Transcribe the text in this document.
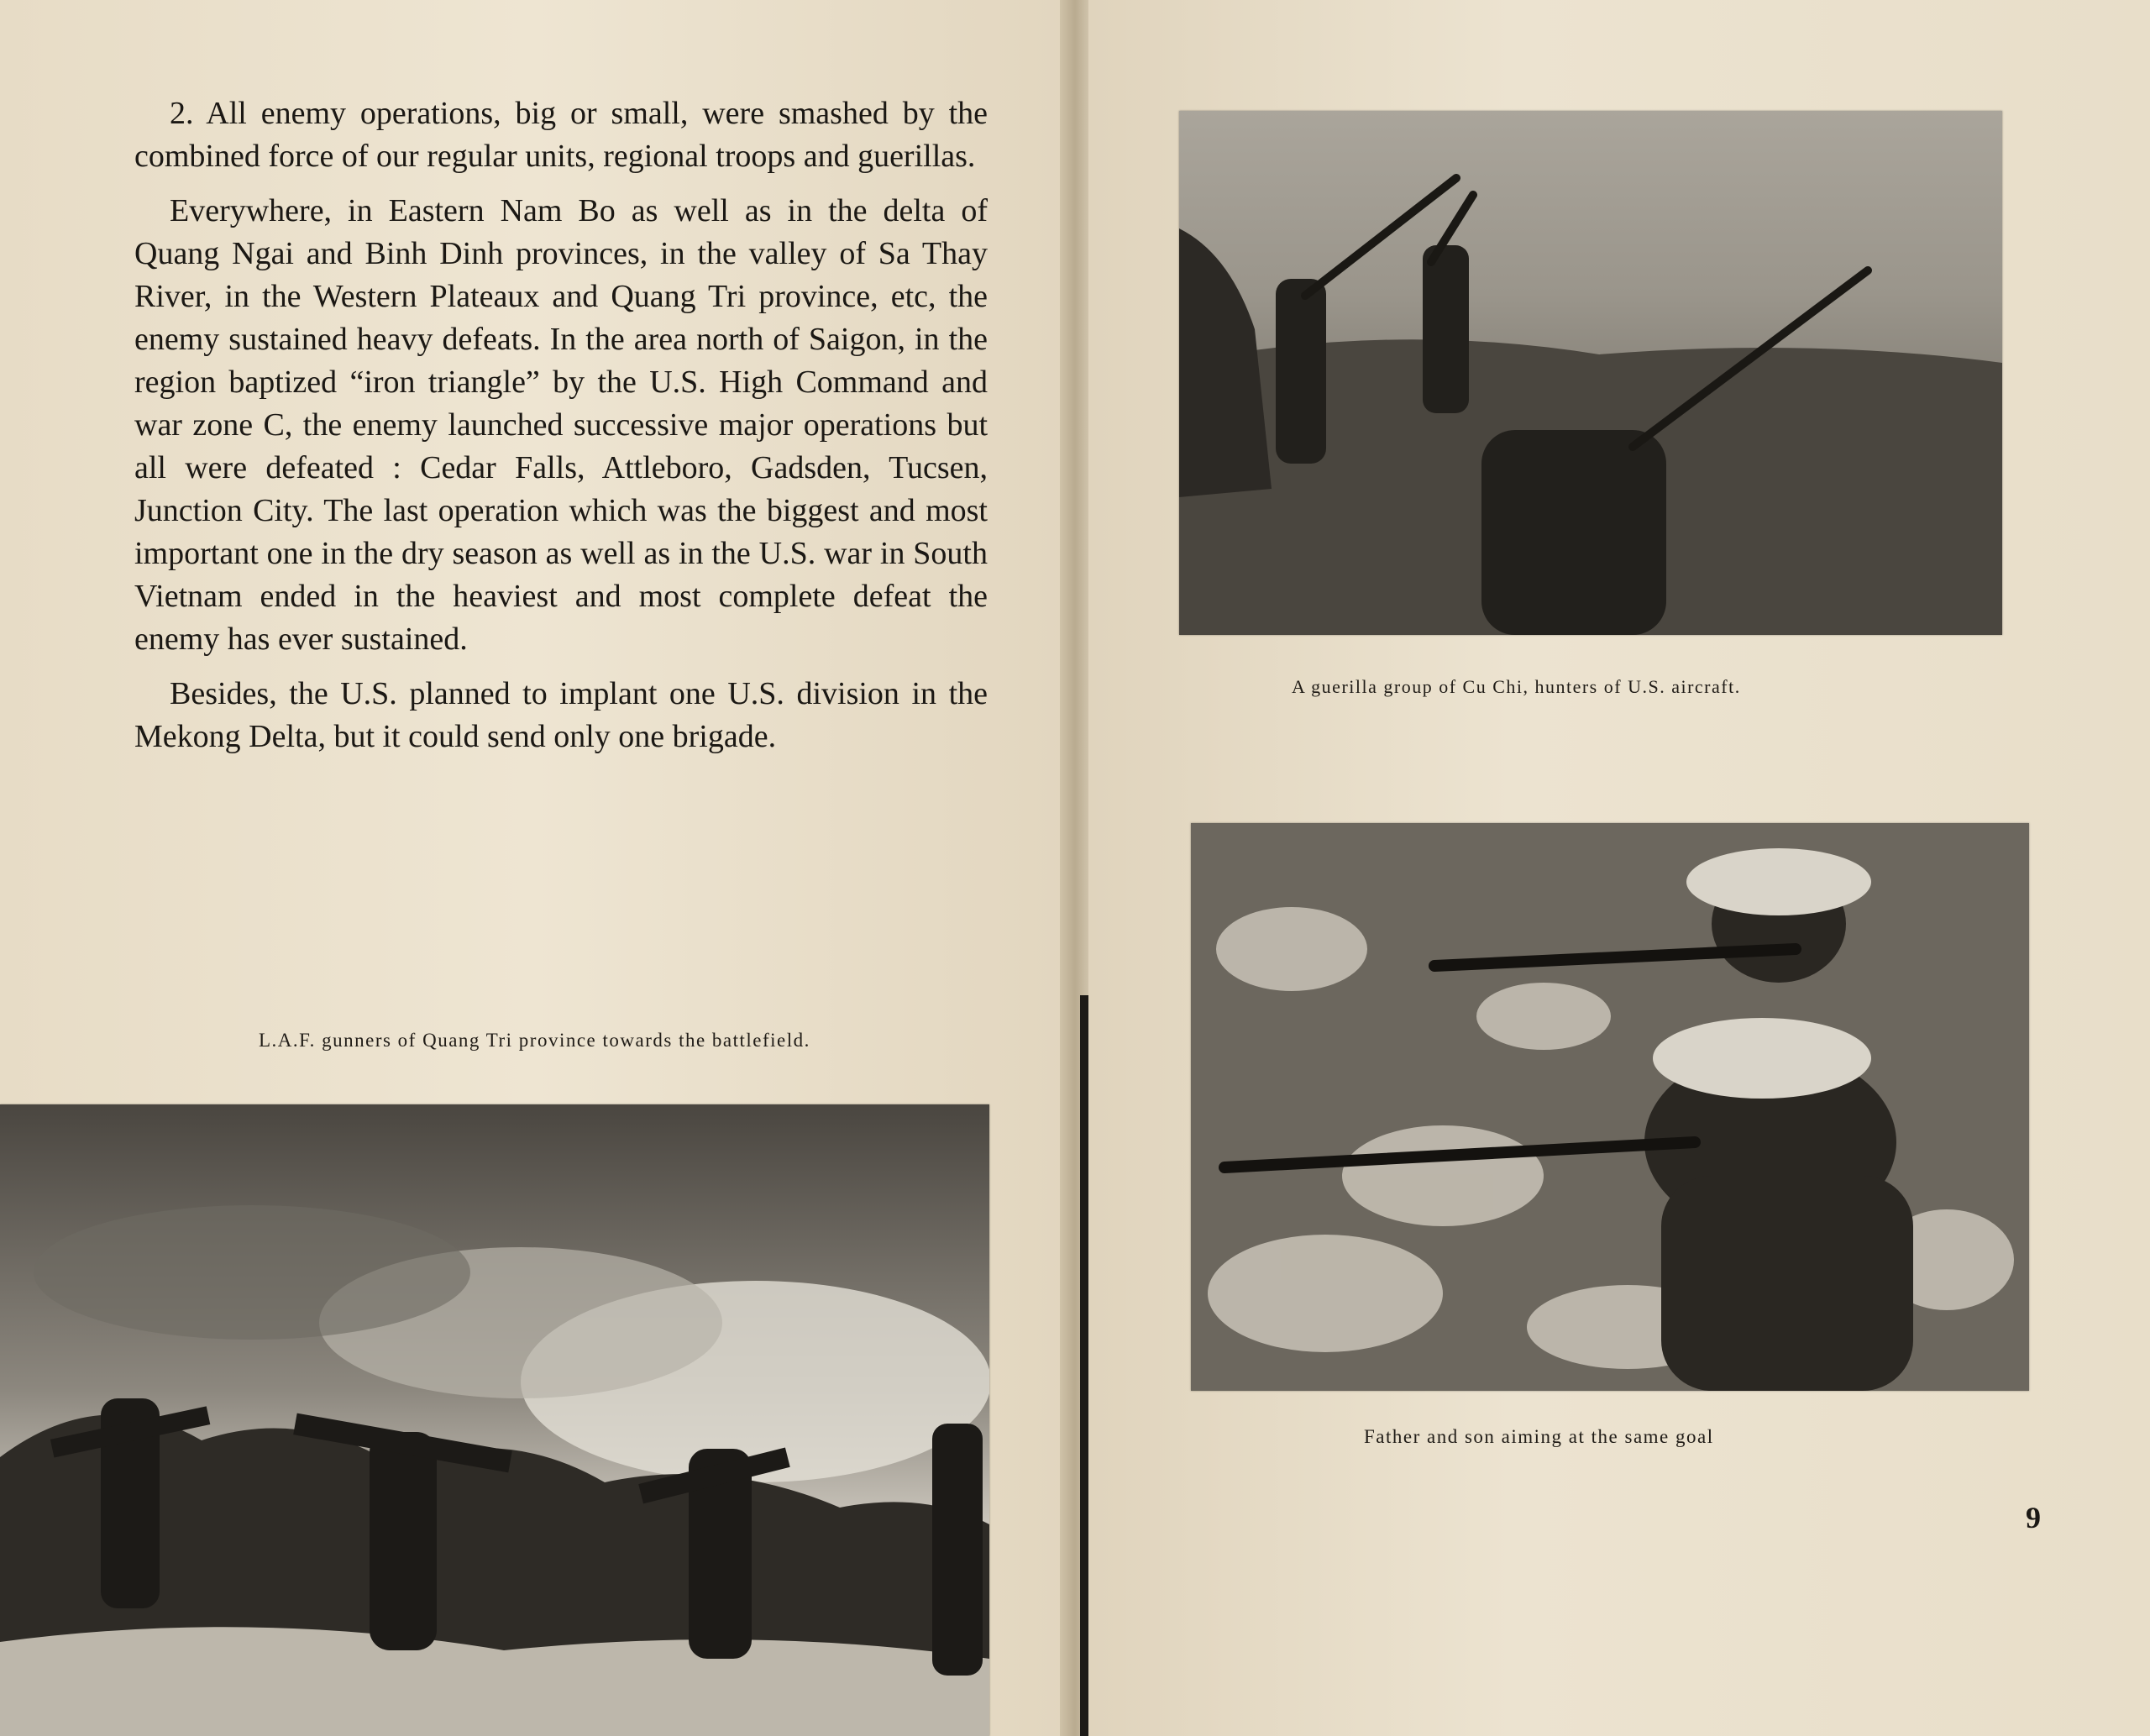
2. All enemy operations, big or small, were smashed by the combined force of our regular units, regional troops and guerillas.

Everywhere, in Eastern Nam Bo as well as in the delta of Quang Ngai and Binh Dinh provinces, in the valley of Sa Thay River, in the Western Plateaux and Quang Tri province, etc, the enemy sustained heavy defeats. In the area north of Saigon, in the region baptized “iron triangle” by the U.S. High Command and war zone C, the enemy launched successive major operations but all were defeated : Cedar Falls, Attleboro, Gadsden, Tucsen, Junction City. The last operation which was the biggest and most important one in the dry season as well as in the U.S. war in South Vietnam ended in the heaviest and most complete defeat the enemy has ever sustained.

Besides, the U.S. planned to implant one U.S. division in the Mekong Delta, but it could send only one brigade.

L.A.F. gunners of Quang Tri province towards the battlefield.
A guerilla group of Cu Chi, hunters of U.S. aircraft.
Father and son aiming at the same goal
9
